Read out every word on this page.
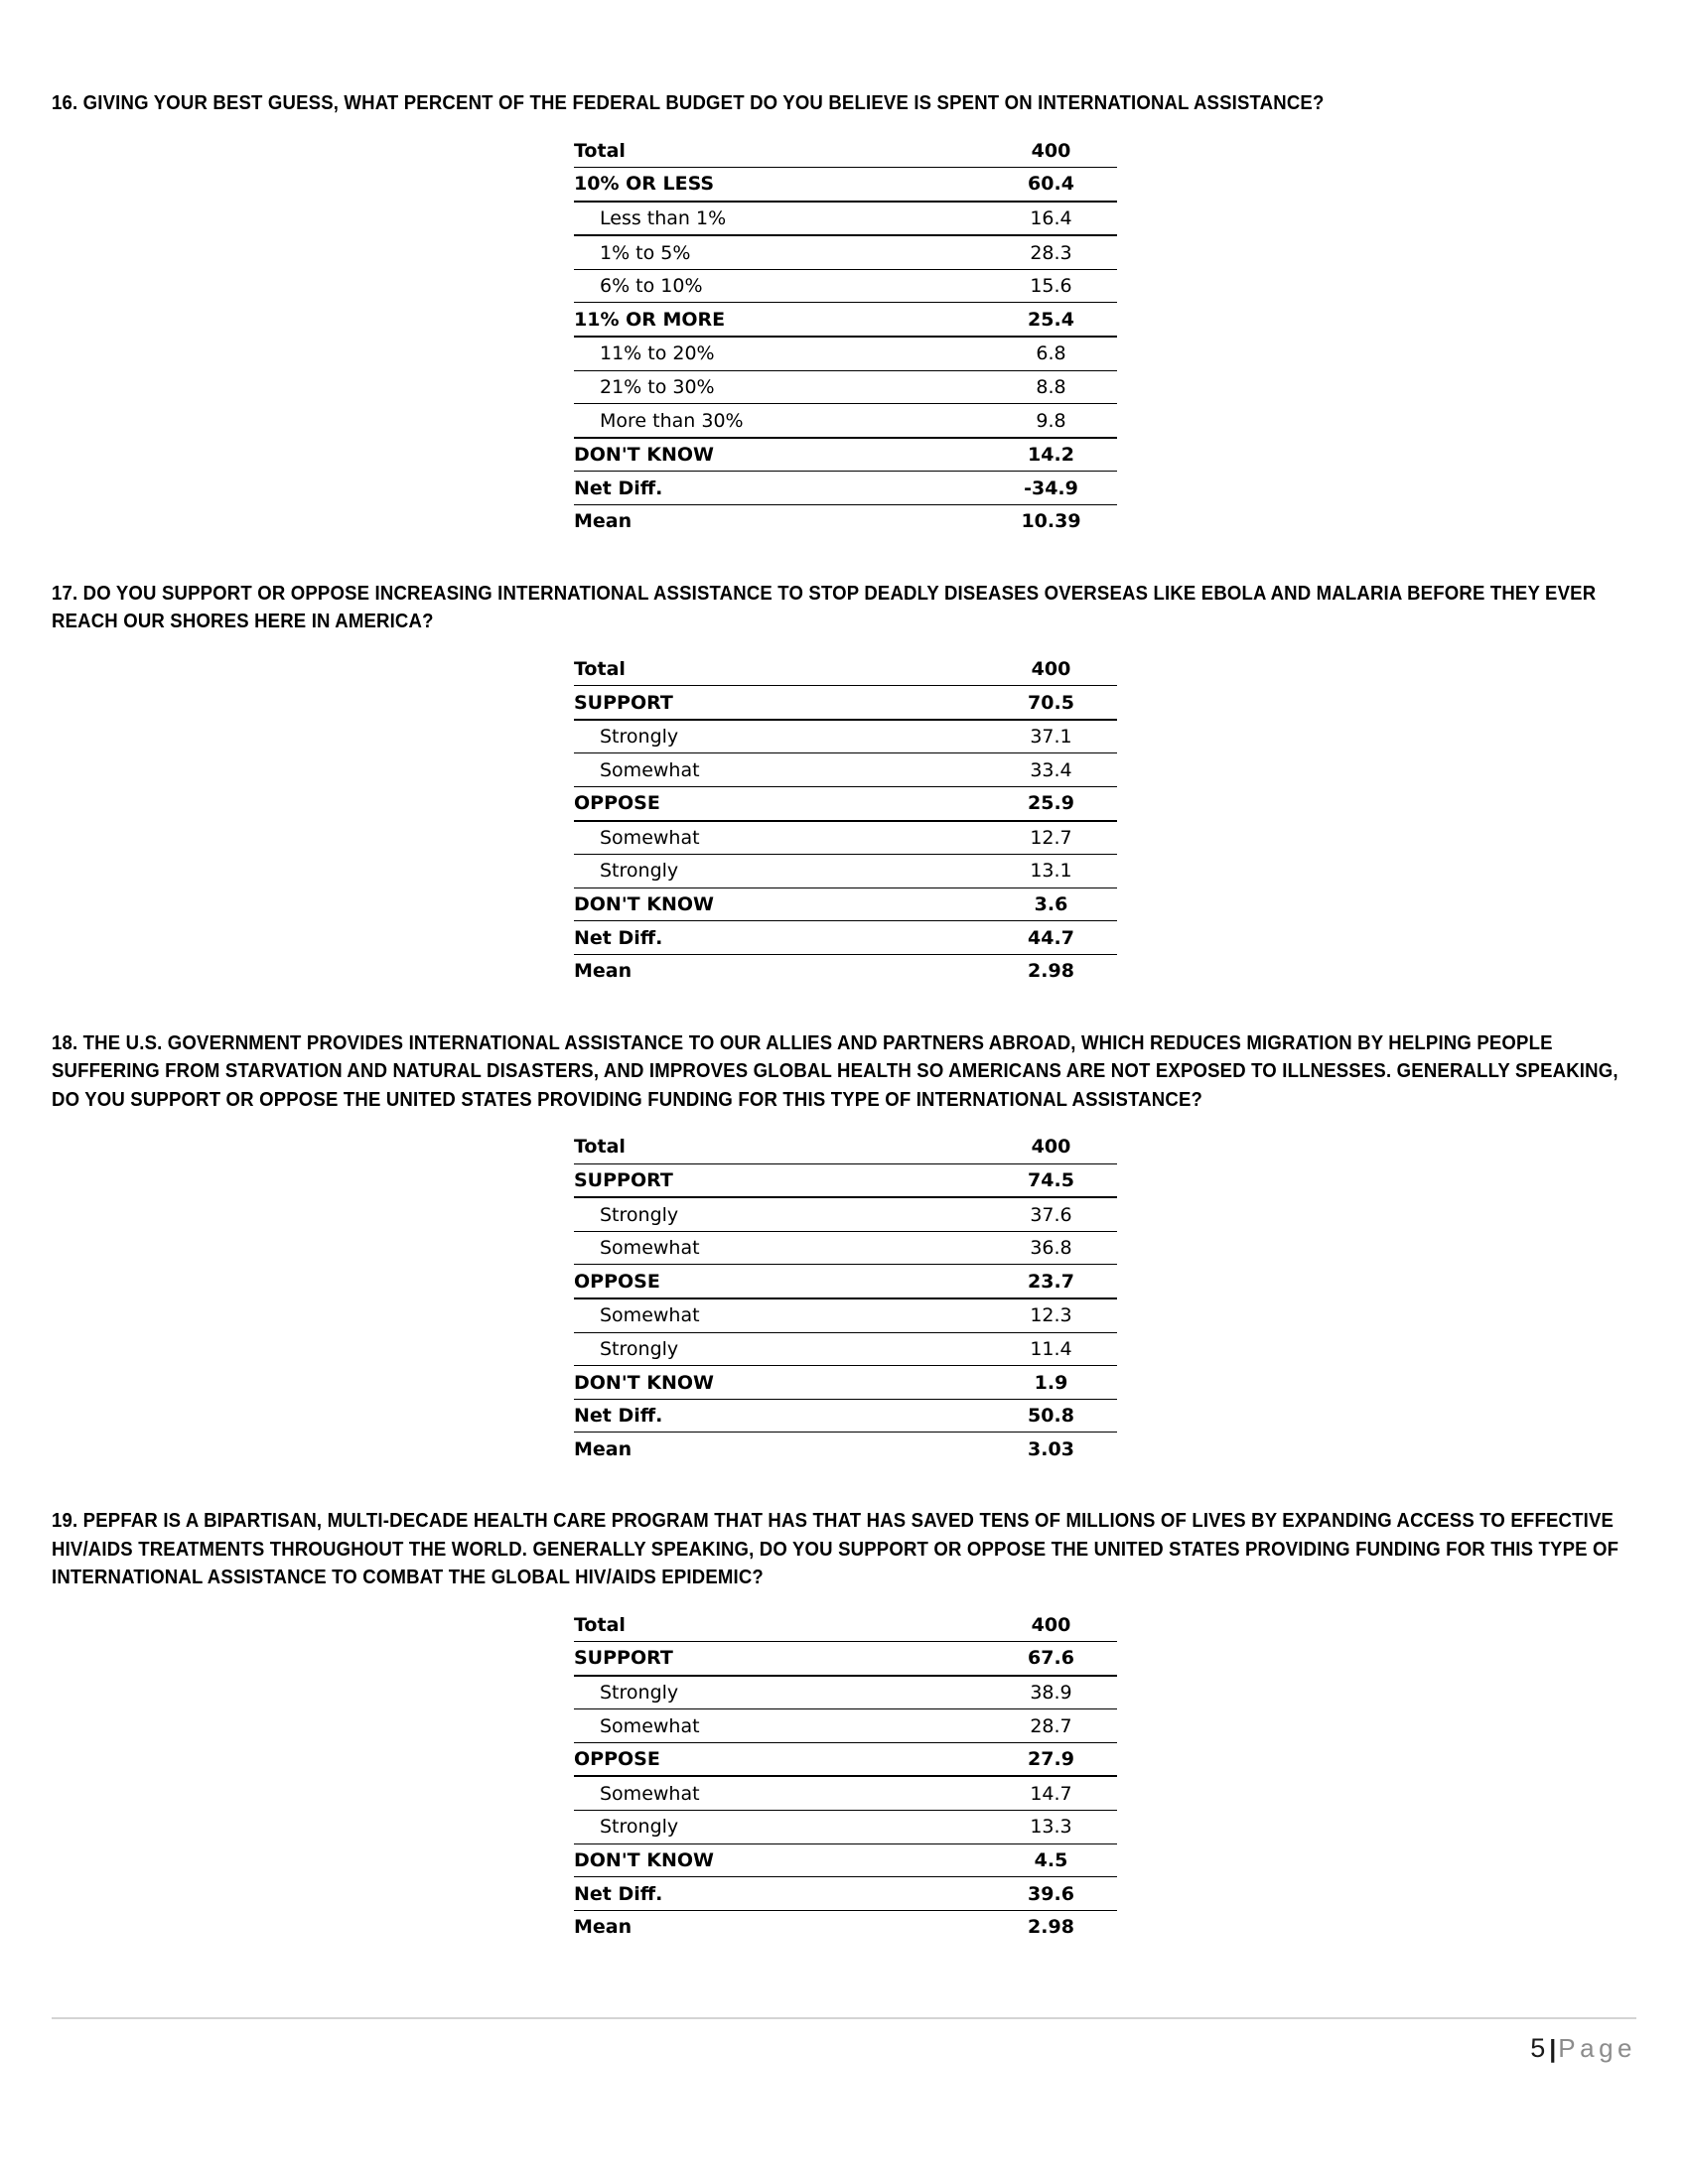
16. GIVING YOUR BEST GUESS, WHAT PERCENT OF THE FEDERAL BUDGET DO YOU BELIEVE IS SPENT ON INTERNATIONAL ASSISTANCE?
Total	400
10% OR LESS	60.4
Less than 1%	16.4
1% to 5%	28.3
6% to 10%	15.6
11% OR MORE	25.4
11% to 20%	6.8
21% to 30%	8.8
More than 30%	9.8
DON'T KNOW	14.2
Net Diff.	-34.9
Mean	10.39
17. DO YOU SUPPORT OR OPPOSE INCREASING INTERNATIONAL ASSISTANCE TO STOP DEADLY DISEASES OVERSEAS LIKE EBOLA AND MALARIA BEFORE THEY EVER REACH OUR SHORES HERE IN AMERICA?
Total	400
SUPPORT	70.5
Strongly	37.1
Somewhat	33.4
OPPOSE	25.9
Somewhat	12.7
Strongly	13.1
DON'T KNOW	3.6
Net Diff.	44.7
Mean	2.98
18. THE U.S. GOVERNMENT PROVIDES INTERNATIONAL ASSISTANCE TO OUR ALLIES AND PARTNERS ABROAD, WHICH REDUCES MIGRATION BY HELPING PEOPLE SUFFERING FROM STARVATION AND NATURAL DISASTERS, AND IMPROVES GLOBAL HEALTH SO AMERICANS ARE NOT EXPOSED TO ILLNESSES. GENERALLY SPEAKING, DO YOU SUPPORT OR OPPOSE THE UNITED STATES PROVIDING FUNDING FOR THIS TYPE OF INTERNATIONAL ASSISTANCE?
Total	400
SUPPORT	74.5
Strongly	37.6
Somewhat	36.8
OPPOSE	23.7
Somewhat	12.3
Strongly	11.4
DON'T KNOW	1.9
Net Diff.	50.8
Mean	3.03
19. PEPFAR IS A BIPARTISAN, MULTI-DECADE HEALTH CARE PROGRAM THAT HAS THAT HAS SAVED TENS OF MILLIONS OF LIVES BY EXPANDING ACCESS TO EFFECTIVE HIV/AIDS TREATMENTS THROUGHOUT THE WORLD. GENERALLY SPEAKING, DO YOU SUPPORT OR OPPOSE THE UNITED STATES PROVIDING FUNDING FOR THIS TYPE OF INTERNATIONAL ASSISTANCE TO COMBAT THE GLOBAL HIV/AIDS EPIDEMIC?
Total	400
SUPPORT	67.6
Strongly	38.9
Somewhat	28.7
OPPOSE	27.9
Somewhat	14.7
Strongly	13.3
DON'T KNOW	4.5
Net Diff.	39.6
Mean	2.98
5 |Page
